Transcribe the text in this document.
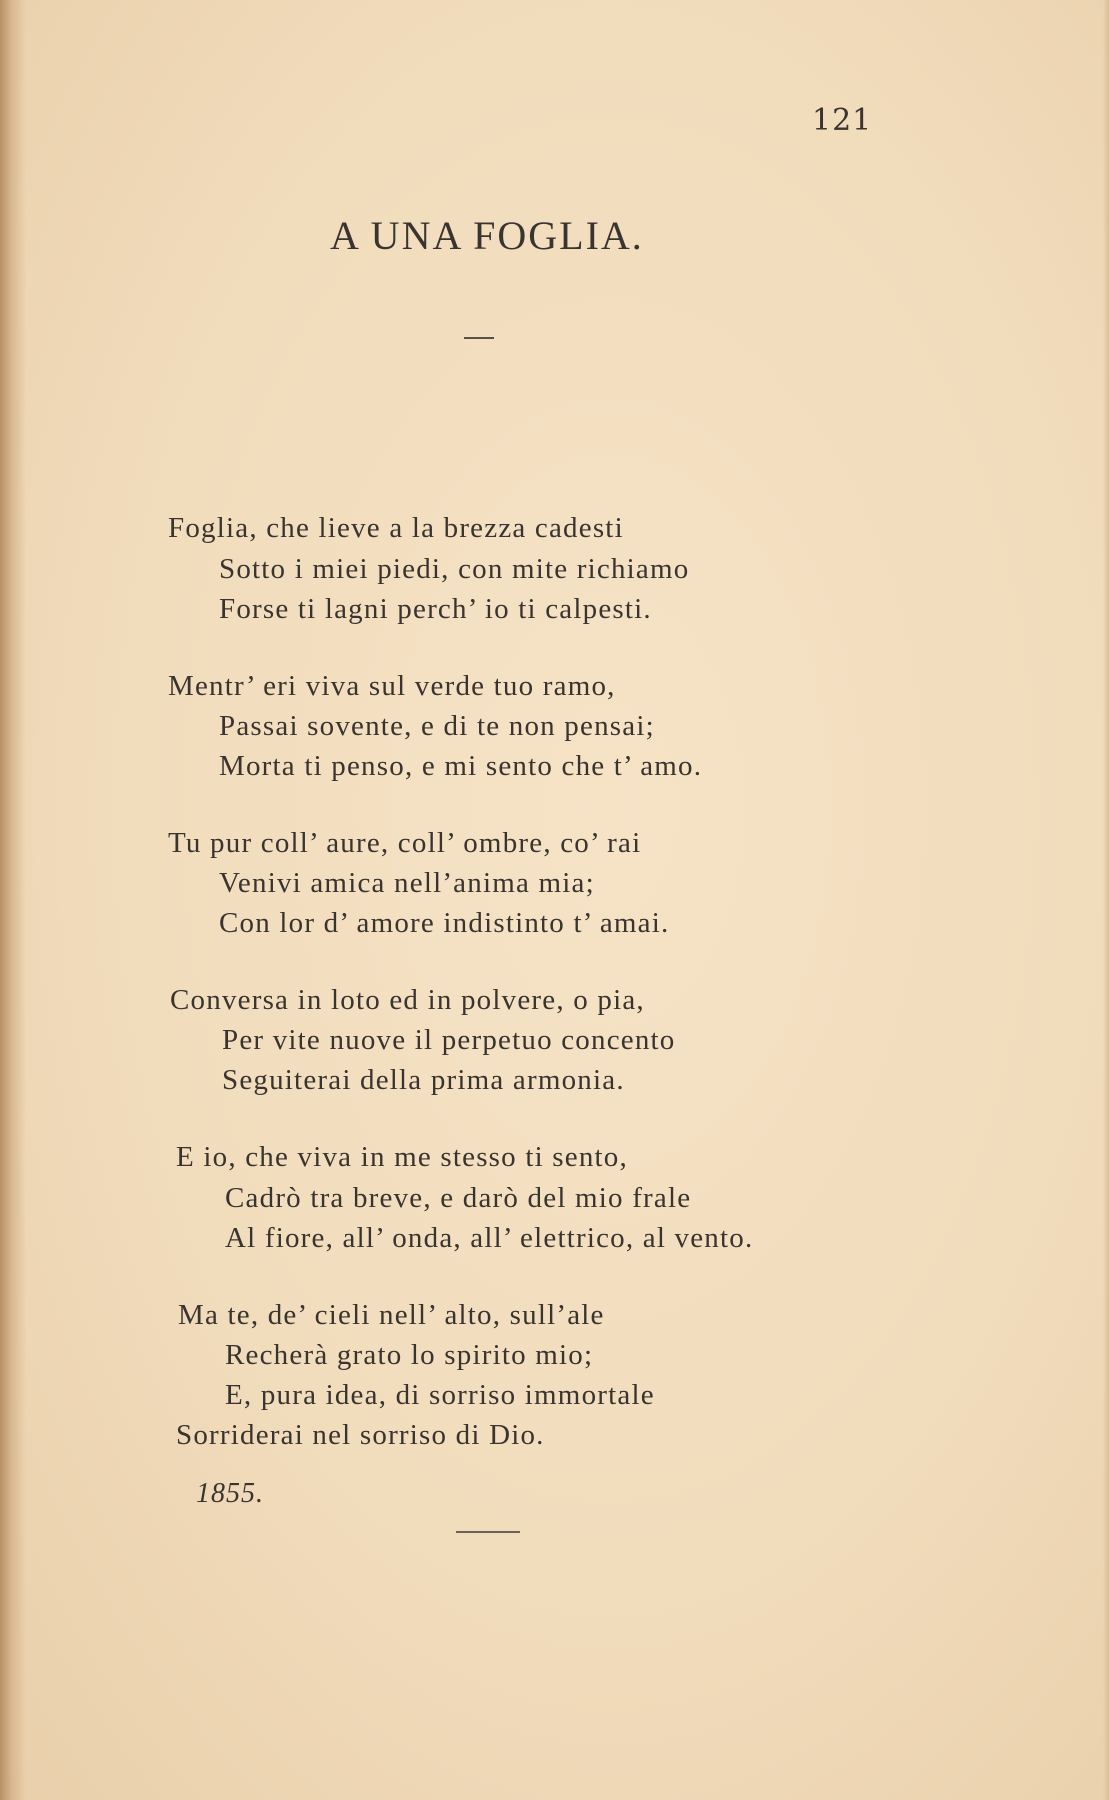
121
A UNA FOGLIA.
Foglia, che lieve a la brezza cadesti
Sotto i miei piedi, con mite richiamo
Forse ti lagni perch’ io ti calpesti.
Mentr’ eri viva sul verde tuo ramo,
Passai sovente, e di te non pensai;
Morta ti penso, e mi sento che t’ amo.
Tu pur coll’ aure, coll’ ombre, co’ rai
Venivi amica nell’anima mia;
Con lor d’ amore indistinto t’ amai.
Conversa in loto ed in polvere, o pia,
Per vite nuove il perpetuo concento
Seguiterai della prima armonia.
E io, che viva in me stesso ti sento,
Cadrò tra breve, e darò del mio frale
Al fiore, all’ onda, all’ elettrico, al vento.
Ma te, de’ cieli nell’ alto, sull’ale
Recherà grato lo spirito mio;
E, pura idea, di sorriso immortale
Sorriderai nel sorriso di Dio.
1855.
